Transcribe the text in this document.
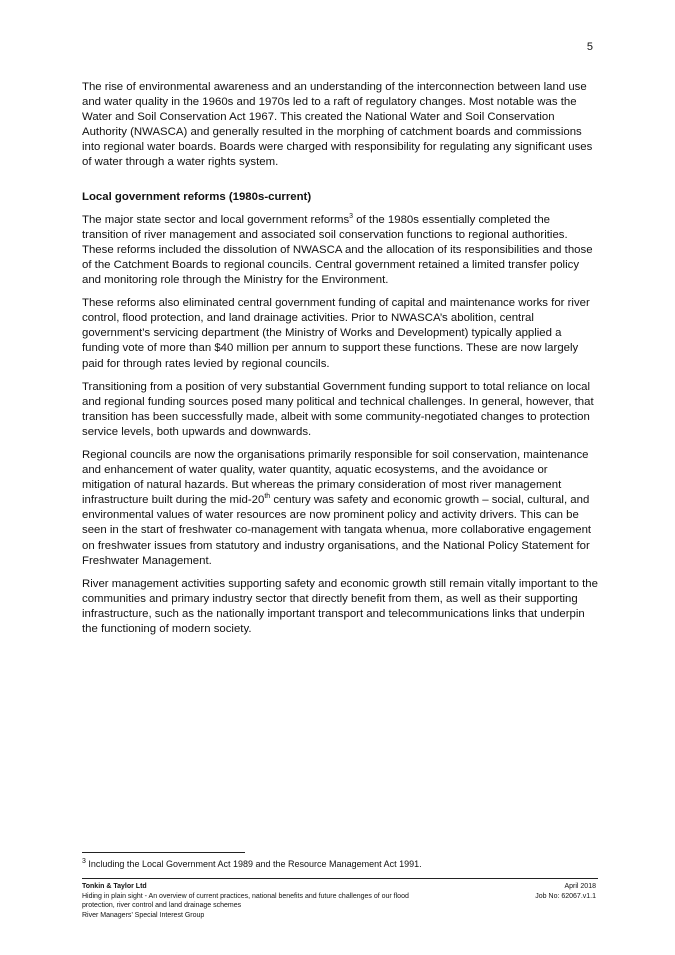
5

The rise of environmental awareness and an understanding of the interconnection between land use and water quality in the 1960s and 1970s led to a raft of regulatory changes. Most notable was the Water and Soil Conservation Act 1967. This created the National Water and Soil Conservation Authority (NWASCA) and generally resulted in the morphing of catchment boards and commissions into regional water boards. Boards were charged with responsibility for regulating any significant uses of water through a water rights system.

Local government reforms (1980s-current)

The major state sector and local government reforms$^3$ of the 1980s essentially completed the transition of river management and associated soil conservation functions to regional authorities. These reforms included the dissolution of NWASCA and the allocation of its responsibilities and those of the Catchment Boards to regional councils. Central government retained a limited transfer policy and monitoring role through the Ministry for the Environment.

These reforms also eliminated central government funding of capital and maintenance works for river control, flood protection, and land drainage activities. Prior to NWASCA’s abolition, central government’s servicing department (the Ministry of Works and Development) typically applied a funding vote of more than $40 million per annum to support these functions. These are now largely paid for through rates levied by regional councils.

Transitioning from a position of very substantial Government funding support to total reliance on local and regional funding sources posed many political and technical challenges. In general, however, that transition has been successfully made, albeit with some community-negotiated changes to protection service levels, both upwards and downwards.

Regional councils are now the organisations primarily responsible for soil conservation, maintenance and enhancement of water quality, water quantity, aquatic ecosystems, and the avoidance or mitigation of natural hazards. But whereas the primary consideration of most river management infrastructure built during the mid-20th century was safety and economic growth – social, cultural, and environmental values of water resources are now prominent policy and activity drivers. This can be seen in the start of freshwater co-management with tangata whenua, more collaborative engagement on freshwater issues from statutory and industry organisations, and the National Policy Statement for Freshwater Management.

River management activities supporting safety and economic growth still remain vitally important to the communities and primary industry sector that directly benefit from them, as well as their supporting infrastructure, such as the nationally important transport and telecommunications links that underpin the functioning of modern society.

$^3$ Including the Local Government Act 1989 and the Resource Management Act 1991.
Tonkin & Taylor Ltd
Hiding in plain sight - An overview of current practices, national benefits and future challenges of our flood
protection, river control and land drainage schemes
River Managers’ Special Interest Group
April 2018
Job No: 62067.v1.1
